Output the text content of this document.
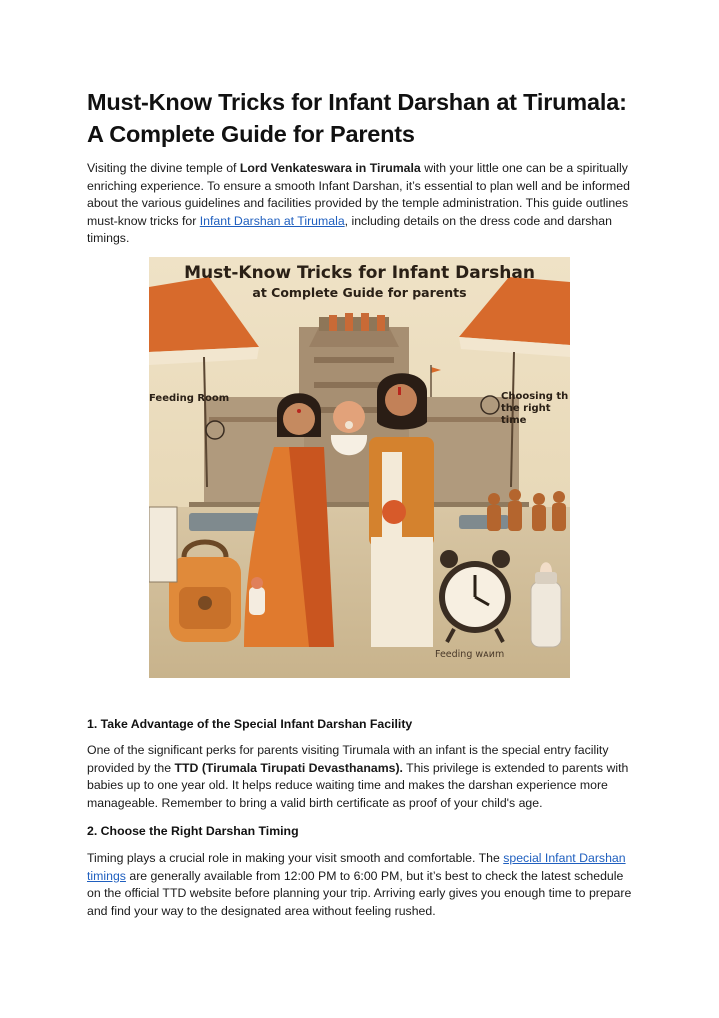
Must-Know Tricks for Infant Darshan at Tirumala: A Complete Guide for Parents
Visiting the divine temple of Lord Venkateswara in Tirumala with your little one can be a spiritually enriching experience. To ensure a smooth Infant Darshan, it’s essential to plan well and be informed about the various guidelines and facilities provided by the temple administration. This guide outlines must-know tricks for Infant Darshan at Tirumala, including details on the dress code and darshan timings.
Must-Know Tricks for Infant Darshan
at Complete Guide for parents
Feeding Room	Choosing th
the right time
Feeding ᴡᴀᴎm
1. Take Advantage of the Special Infant Darshan Facility
One of the significant perks for parents visiting Tirumala with an infant is the special entry facility provided by the TTD (Tirumala Tirupati Devasthanams). This privilege is extended to parents with babies up to one year old. It helps reduce waiting time and makes the darshan experience more manageable. Remember to bring a valid birth certificate as proof of your child's age.
2. Choose the Right Darshan Timing
Timing plays a crucial role in making your visit smooth and comfortable. The special Infant Darshan timings are generally available from 12:00 PM to 6:00 PM, but it’s best to check the latest schedule on the official TTD website before planning your trip. Arriving early gives you enough time to prepare and find your way to the designated area without feeling rushed.
